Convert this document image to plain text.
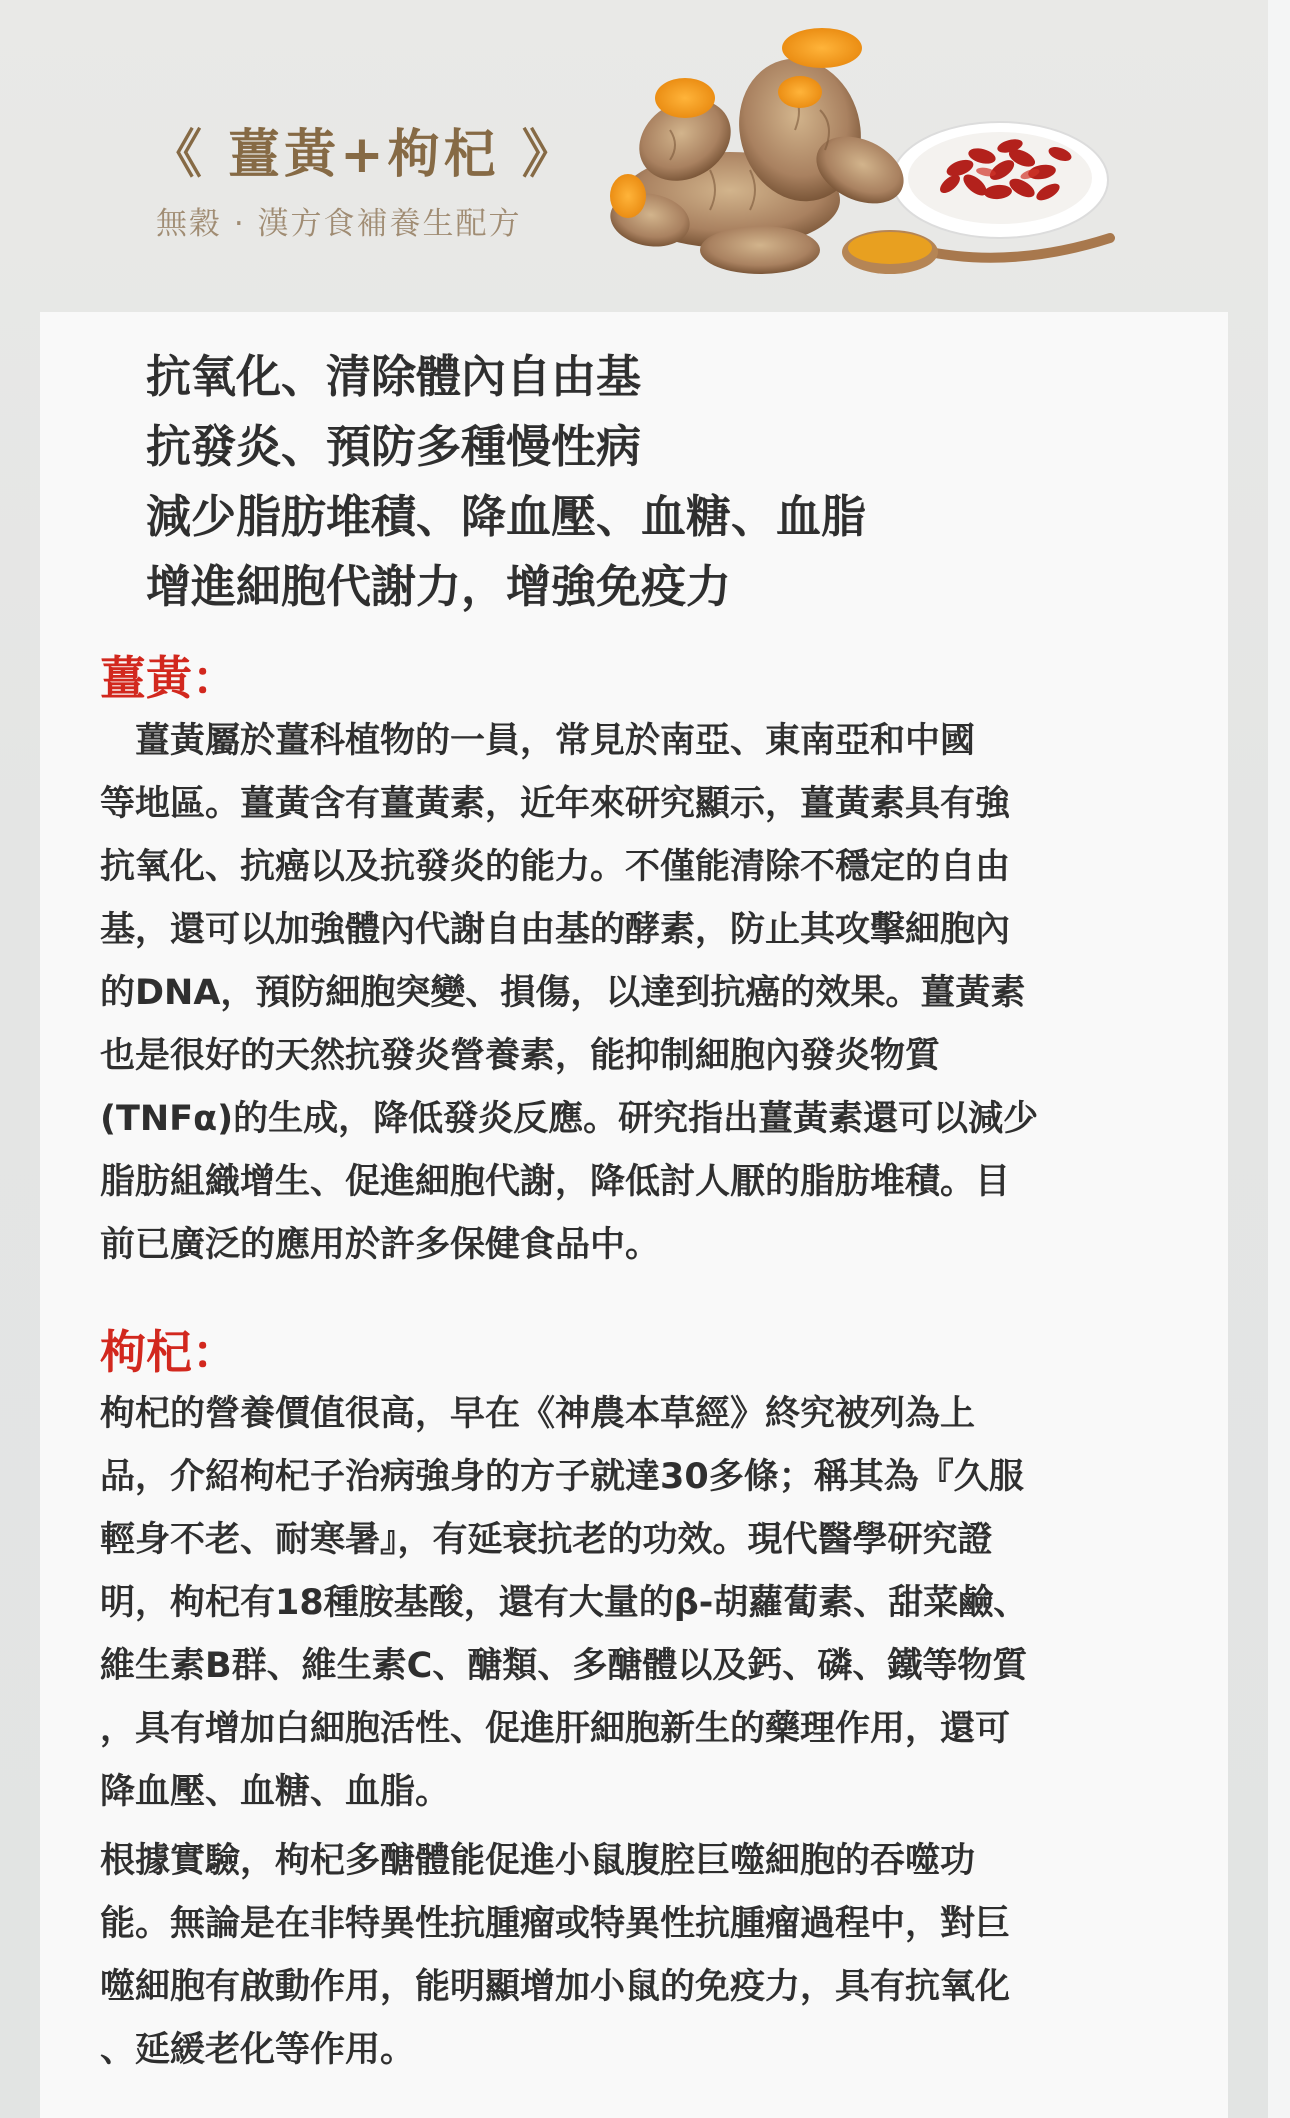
《 薑黃+枸杞 》
無穀 · 漢方食補養生配方
抗氧化、清除體內自由基
抗發炎、預防多種慢性病
減少脂肪堆積、降血壓、血糖、血脂
增進細胞代謝力，增強免疫力
薑黃：
　薑黃屬於薑科植物的一員，常見於南亞、東南亞和中國
等地區。薑黃含有薑黃素，近年來研究顯示，薑黃素具有強
抗氧化、抗癌以及抗發炎的能力。不僅能清除不穩定的自由
基，還可以加強體內代謝自由基的酵素，防止其攻擊細胞內
的DNA，預防細胞突變、損傷，以達到抗癌的效果。薑黃素
也是很好的天然抗發炎營養素，能抑制細胞內發炎物質
(TNFα)的生成，降低發炎反應。研究指出薑黃素還可以減少
脂肪組織增生、促進細胞代謝，降低討人厭的脂肪堆積。目
前已廣泛的應用於許多保健食品中。
枸杞：
枸杞的營養價值很高，早在《神農本草經》終究被列為上
品，介紹枸杞子治病強身的方子就達30多條；稱其為『久服
輕身不老、耐寒暑』，有延衰抗老的功效。現代醫學研究證
明，枸杞有18種胺基酸，還有大量的β-胡蘿蔔素、甜菜鹼、
維生素B群、維生素C、醣類、多醣體以及鈣、磷、鐵等物質
，具有增加白細胞活性、促進肝細胞新生的藥理作用，還可
降血壓、血糖、血脂。
根據實驗，枸杞多醣體能促進小鼠腹腔巨噬細胞的吞噬功
能。無論是在非特異性抗腫瘤或特異性抗腫瘤過程中，對巨
噬細胞有啟動作用，能明顯增加小鼠的免疫力，具有抗氧化
、延緩老化等作用。
